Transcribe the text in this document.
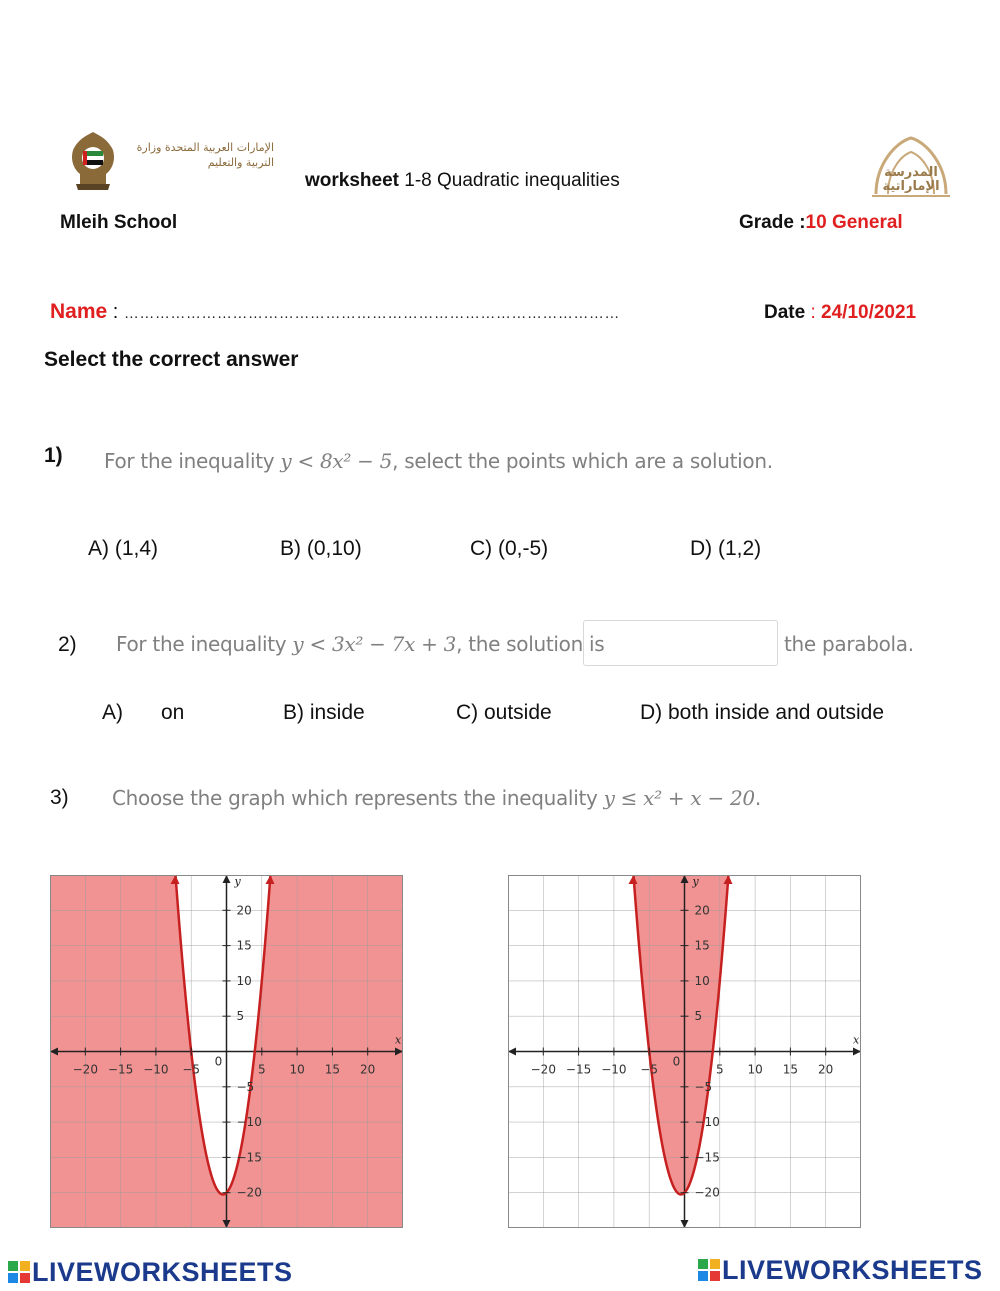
الإمارات العربية المتحدة وزارة التربية والتعليم
worksheet 1-8 Quadratic inequalities	المدرسة الإماراتية
Mleih School	Grade :10 General
Name : ……………………………………………………………………………………	Date : 24/10/2021
Select the correct answer
1) For the inequality y < 8x² − 5, select the points which are a solution.
A) (1,4)	B) (0,10)	C) (0,-5)	D) (1,2)
2) For the inequality y < 3x² − 7x + 3, the solution is	the parabola.
A) on	B) inside	C) outside	D) both inside and outside
3) Choose the graph which represents the inequality y ≤ x² + x − 20.
−20 −15 −10 −5
0
5 10 15 20
−20
−15
−10
−5
5
10
15
20
x
y
−20 −15 −10 −5
0
5 10 15 20
−20
−15
−10
−5
5
10
15
20
x
y
LIVEWORKSHEETS	LIVEWORKSHEETS
